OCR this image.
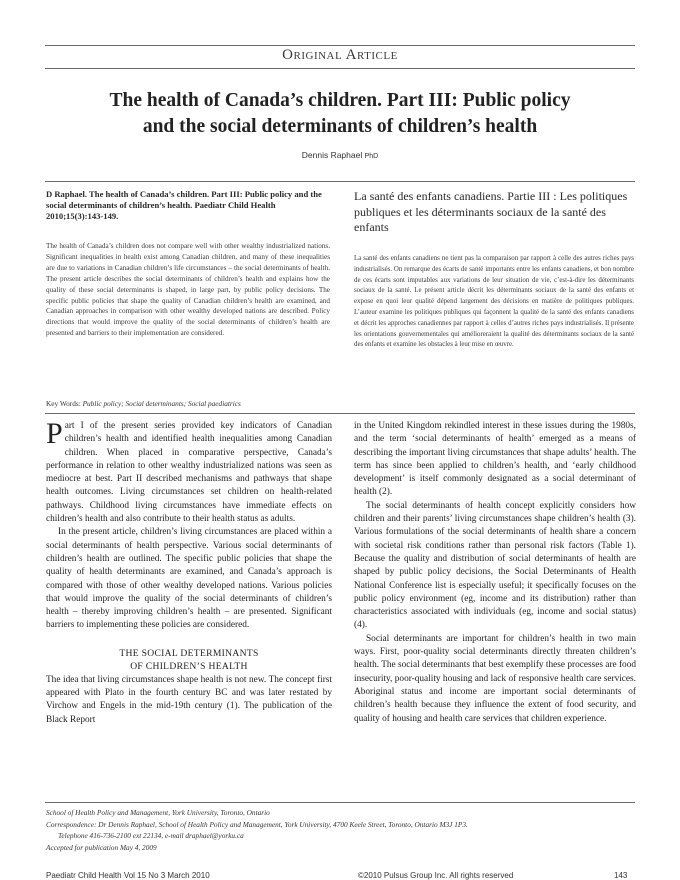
Original Article
The health of Canada’s children. Part III: Public policy
and the social determinants of children’s health
Dennis Raphael PhD
D Raphael. The health of Canada’s children. Part III: Public policy and the social determinants of children’s health. Paediatr Child Health 2010;15(3):143-149.
The health of Canada’s children does not compare well with other wealthy industrialized nations. Significant inequalities in health exist among Canadian children, and many of these inequalities are due to variations in Canadian children’s life circumstances – the social determinants of health. The present article describes the social determinants of children’s health and explains how the quality of these social determinants is shaped, in large part, by public policy decisions. The specific public policies that shape the quality of Canadian children’s health are examined, and Canadian approaches in comparison with other wealthy developed nations are described. Policy directions that would improve the quality of the social determinants of children’s health are presented and barriers to their implementation are considered.
La santé des enfants canadiens. Partie III : Les politiques publiques et les déterminants sociaux de la santé des enfants
La santé des enfants canadiens ne tient pas la comparaison par rapport à celle des autres riches pays industrialisés. On remarque des écarts de santé importants entre les enfants canadiens, et bon nombre de ces écarts sont imputables aux variations de leur situation de vie, c’est-à-dire les déterminants sociaux de la santé. Le présent article décrit les déterminants sociaux de la santé des enfants et expose en quoi leur qualité dépend largement des décisions en matière de politiques publiques. L’auteur examine les politiques publiques qui façonnent la qualité de la santé des enfants canadiens et décrit les approches canadiennes par rapport à celles d’autres riches pays industrialisés. Il présente les orientations gouvernementales qui amélioreraient la qualité des déterminants sociaux de la santé des enfants et examine les obstacles à leur mise en œuvre.
Key Words: Public policy; Social determinants; Social paediatrics

Part I of the present series provided key indicators of Canadian children’s health and identified health inequalities among Canadian children. When placed in comparative perspective, Canada’s performance in relation to other wealthy industrialized nations was seen as mediocre at best. Part II described mechanisms and pathways that shape health outcomes. Living circumstances set children on health-related pathways. Childhood living circumstances have immediate effects on children’s health and also contribute to their health status as adults.

In the present article, children’s living circumstances are placed within a social determinants of health perspective. Various social determinants of children’s health are outlined. The specific public policies that shape the quality of health determinants are examined, and Canada’s approach is compared with those of other wealthy developed nations. Various policies that would improve the quality of the social determinants of children’s health – thereby improving children’s health – are presented. Significant barriers to implementing these policies are considered.

THE SOCIAL DETERMINANTS
OF CHILDREN’S HEALTH

The idea that living circumstances shape health is not new. The concept first appeared with Plato in the fourth century BC and was later restated by Virchow and Engels in the mid-19th century (1). The publication of the Black Report

in the United Kingdom rekindled interest in these issues during the 1980s, and the term ‘social determinants of health’ emerged as a means of describing the important living circumstances that shape adults’ health. The term has since been applied to children’s health, and ‘early childhood development’ is itself commonly designated as a social determinant of health (2).

The social determinants of health concept explicitly considers how children and their parents’ living circumstances shape children’s health (3). Various formulations of the social determinants of health share a concern with societal risk conditions rather than personal risk factors (Table 1). Because the quality and distribution of social determinants of health are shaped by public policy decisions, the Social Determinants of Health National Conference list is especially useful; it specifically focuses on the public policy environment (eg, income and its distribution) rather than characteristics associated with individuals (eg, income and social status) (4).

Social determinants are important for children’s health in two main ways. First, poor-quality social determinants directly threaten children’s health. The social determinants that best exemplify these processes are food insecurity, poor-quality housing and lack of responsive health care services. Aboriginal status and income are important social determinants of children’s health because they influence the extent of food security, and quality of housing and health care services that children experience.

School of Health Policy and Management, York University, Toronto, Ontario
Correspondence: Dr Dennis Raphael, School of Health Policy and Management, York University, 4700 Keele Street, Toronto, Ontario M3J 1P3.
Telephone 416-736-2100 ext 22134, e-mail draphael@yorku.ca
Accepted for publication May 4, 2009
Paediatr Child Health Vol 15 No 3 March 2010	©2010 Pulsus Group Inc. All rights reserved	143
